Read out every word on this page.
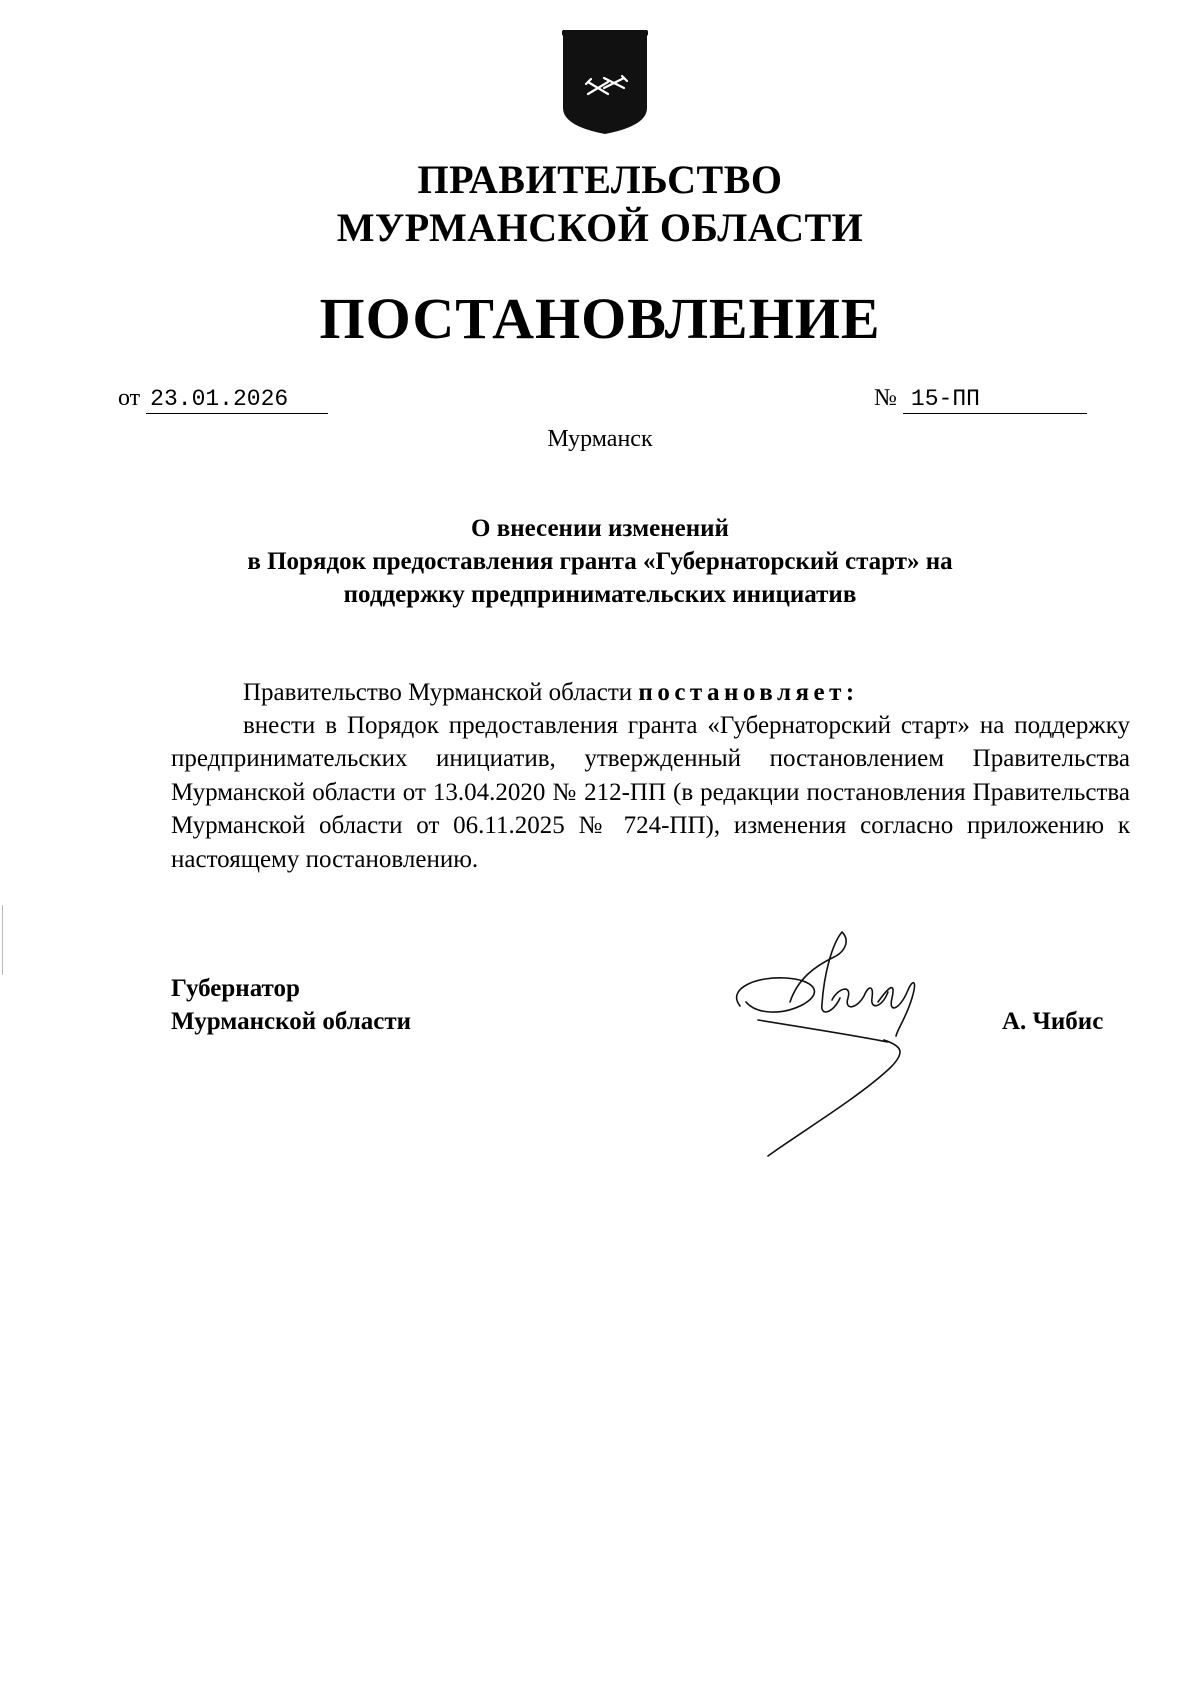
ПРАВИТЕЛЬСТВО
МУРМАНСКОЙ ОБЛАСТИ
ПОСТАНОВЛЕНИЕ
от 23.01.2026	№ 15-ПП
Мурманск
О внесении изменений
в Порядок предоставления гранта «Губернаторский старт» на
поддержку предпринимательских инициатив
Правительство Мурманской области постановляет:
внести в Порядок предоставления гранта «Губернаторский старт» на поддержку предпринимательских инициатив, утвержденный постановлением Правительства Мурманской области от 13.04.2020 № 212-ПП (в редакции постановления Правительства Мурманской области от 06.11.2025 № 724-ПП), изменения согласно приложению к настоящему постановлению.
Губернатор
Мурманской области	А. Чибис
